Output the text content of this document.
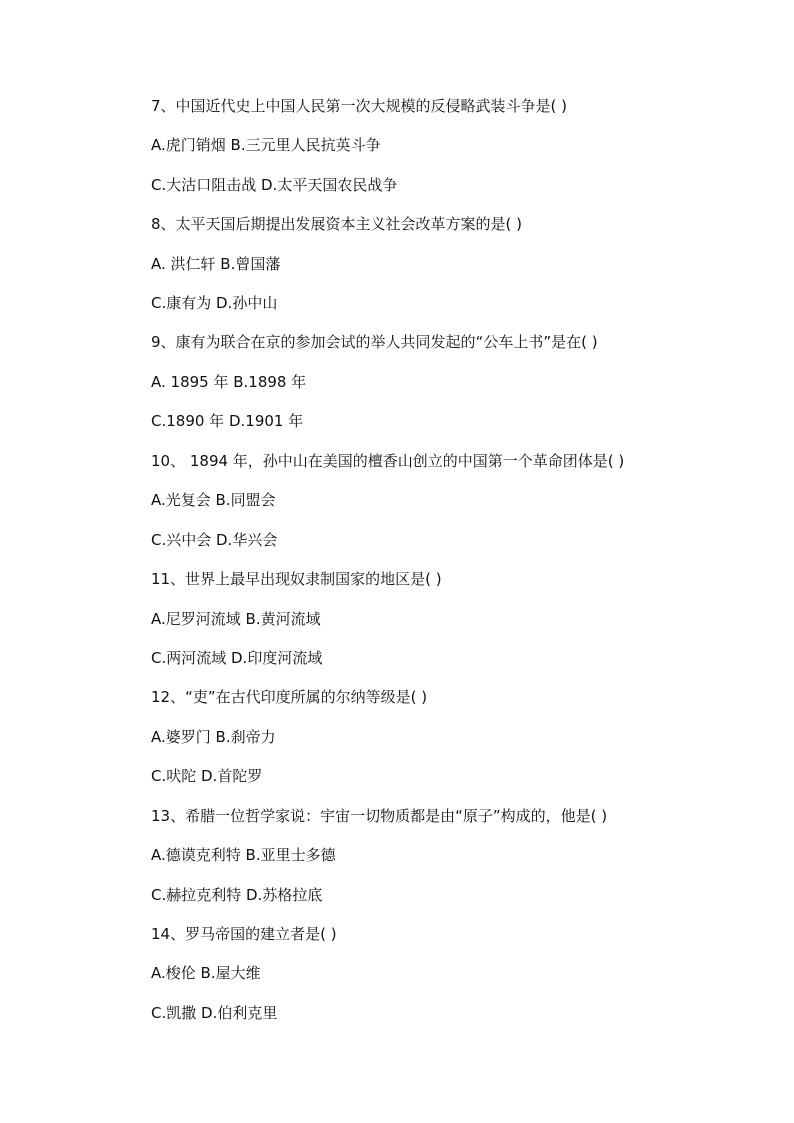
7、中国近代史上中国人民第一次大规模的反侵略武装斗争是( )
A.虎门销烟 B.三元里人民抗英斗争
C.大沽口阻击战 D.太平天国农民战争
8、太平天国后期提出发展资本主义社会改革方案的是( )
A. 洪仁轩 B.曾国藩
C.康有为 D.孙中山
9、康有为联合在京的参加会试的举人共同发起的“公车上书”是在( )
A. 1895 年 B.1898 年
C.1890 年 D.1901 年
10、 1894 年，孙中山在美国的檀香山创立的中国第一个革命团体是( )
A.光复会 B.同盟会
C.兴中会 D.华兴会
11、世界上最早出现奴隶制国家的地区是( )
A.尼罗河流域 B.黄河流域
C.两河流域 D.印度河流域
12、“吏”在古代印度所属的尔纳等级是( )
A.婆罗门 B.刹帝力
C.吠陀 D.首陀罗
13、希腊一位哲学家说：宇宙一切物质都是由“原子”构成的，他是( )
A.德谟克利特 B.亚里士多德
C.赫拉克利特 D.苏格拉底
14、罗马帝国的建立者是( )
A.梭伦 B.屋大维
C.凯撒 D.伯利克里
